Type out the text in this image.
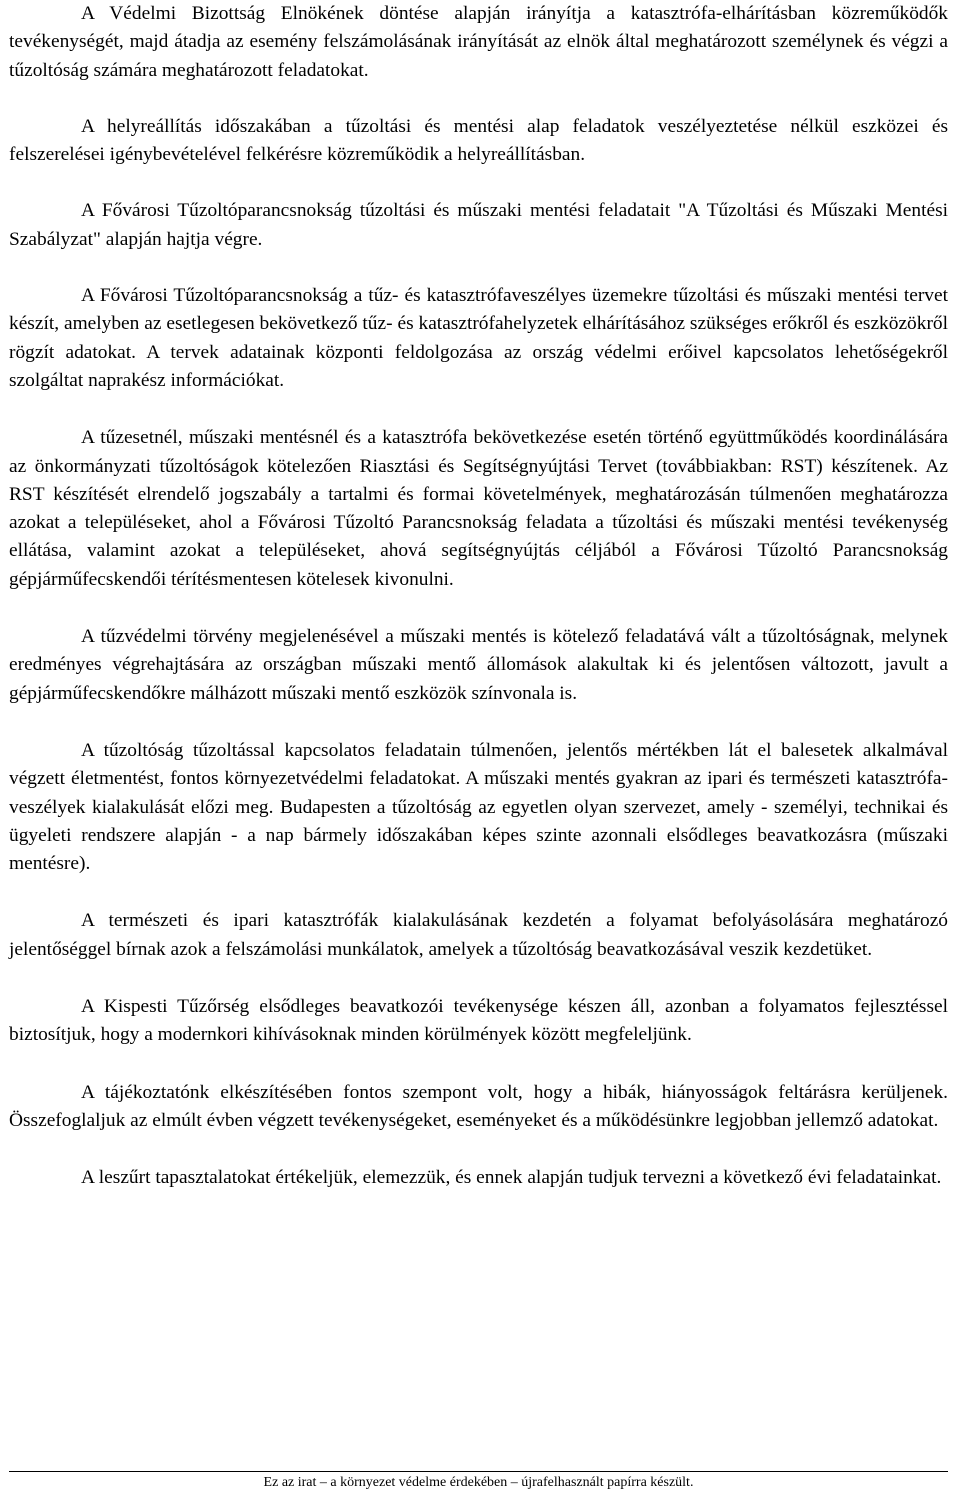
A Védelmi Bizottság Elnökének döntése alapján irányítja a katasztrófa-elhárításban közreműködők tevékenységét, majd átadja az esemény felszámolásának irányítását az elnök által meghatározott személynek és végzi a tűzoltóság számára meghatározott feladatokat.

A helyreállítás időszakában a tűzoltási és mentési alap feladatok veszélyeztetése nélkül eszközei és felszerelései igénybevételével felkérésre közreműködik a helyreállításban.

A Fővárosi Tűzoltóparancsnokság tűzoltási és műszaki mentési feladatait "A Tűzoltási és Műszaki Mentési Szabályzat" alapján hajtja végre.

A Fővárosi Tűzoltóparancsnokság a tűz- és katasztrófaveszélyes üzemekre tűzoltási és műszaki mentési tervet készít, amelyben az esetlegesen bekövetkező tűz- és katasztrófahelyzetek elhárításához szükséges erőkről és eszközökről rögzít adatokat. A tervek adatainak központi feldolgozása az ország védelmi erőivel kapcsolatos lehetőségekről szolgáltat naprakész információkat.

A tűzesetnél, műszaki mentésnél és a katasztrófa bekövetkezése esetén történő együttműködés koordinálására az önkormányzati tűzoltóságok kötelezően Riasztási és Segítségnyújtási Tervet (továbbiakban: RST) készítenek. Az RST készítését elrendelő jogszabály a tartalmi és formai követelmények, meghatározásán túlmenően meghatározza azokat a településeket, ahol a Fővárosi Tűzoltó Parancsnokság feladata a tűzoltási és műszaki mentési tevékenység ellátása, valamint azokat a településeket, ahová segítségnyújtás céljából a Fővárosi Tűzoltó Parancsnokság gépjárműfecskendői térítésmentesen kötelesek kivonulni.

A tűzvédelmi törvény megjelenésével a műszaki mentés is kötelező feladatává vált a tűzoltóságnak, melynek eredményes végrehajtására az országban műszaki mentő állomások alakultak ki és jelentősen változott, javult a gépjárműfecskendőkre málházott műszaki mentő eszközök színvonala is.

A tűzoltóság tűzoltással kapcsolatos feladatain túlmenően, jelentős mértékben lát el balesetek alkalmával végzett életmentést, fontos környezetvédelmi feladatokat. A műszaki mentés gyakran az ipari és természeti katasztrófa-veszélyek kialakulását előzi meg. Budapesten a tűzoltóság az egyetlen olyan szervezet, amely - személyi, technikai és ügyeleti rendszere alapján - a nap bármely időszakában képes szinte azonnali elsődleges beavatkozásra (műszaki mentésre).

A természeti és ipari katasztrófák kialakulásának kezdetén a folyamat befolyásolására meghatározó jelentőséggel bírnak azok a felszámolási munkálatok, amelyek a tűzoltóság beavatkozásával veszik kezdetüket.

A Kispesti Tűzőrség elsődleges beavatkozói tevékenysége készen áll, azonban a folyamatos fejlesztéssel biztosítjuk, hogy a modernkori kihívásoknak minden körülmények között megfeleljünk.

A tájékoztatónk elkészítésében fontos szempont volt, hogy a hibák, hiányosságok feltárásra kerüljenek. Összefoglaljuk az elmúlt évben végzett tevékenységeket, eseményeket és a működésünkre legjobban jellemző adatokat.

A leszűrt tapasztalatokat értékeljük, elemezzük, és ennek alapján tudjuk tervezni a következő évi feladatainkat.

Ez az irat – a környezet védelme érdekében – újrafelhasznált papírra készült.
